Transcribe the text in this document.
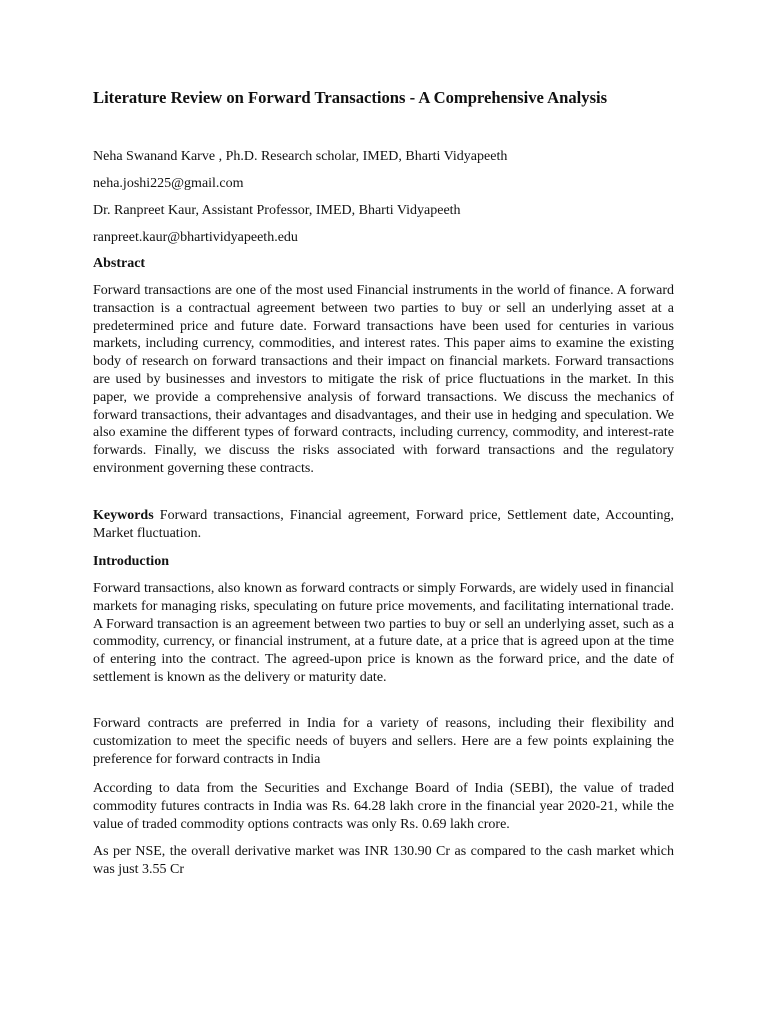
Literature Review on Forward Transactions - A Comprehensive Analysis

Neha Swanand Karve , Ph.D. Research scholar, IMED, Bharti Vidyapeeth

neha.joshi225@gmail.com

Dr. Ranpreet Kaur, Assistant Professor, IMED, Bharti Vidyapeeth

ranpreet.kaur@bhartividyapeeth.edu

Abstract

Forward transactions are one of the most used Financial instruments in the world of finance. A forward transaction is a contractual agreement between two parties to buy or sell an underlying asset at a predetermined price and future date. Forward transactions have been used for centuries in various markets, including currency, commodities, and interest rates. This paper aims to examine the existing body of research on forward transactions and their impact on financial markets. Forward transactions are used by businesses and investors to mitigate the risk of price fluctuations in the market. In this paper, we provide a comprehensive analysis of forward transactions. We discuss the mechanics of forward transactions, their advantages and disadvantages, and their use in hedging and speculation. We also examine the different types of forward contracts, including currency, commodity, and interest-rate forwards. Finally, we discuss the risks associated with forward transactions and the regulatory environment governing these contracts.

Keywords Forward transactions, Financial agreement, Forward price, Settlement date, Accounting, Market fluctuation.

Introduction

Forward transactions, also known as forward contracts or simply Forwards, are widely used in financial markets for managing risks, speculating on future price movements, and facilitating international trade. A Forward transaction is an agreement between two parties to buy or sell an underlying asset, such as a commodity, currency, or financial instrument, at a future date, at a price that is agreed upon at the time of entering into the contract. The agreed-upon price is known as the forward price, and the date of settlement is known as the delivery or maturity date.

Forward contracts are preferred in India for a variety of reasons, including their flexibility and customization to meet the specific needs of buyers and sellers. Here are a few points explaining the preference for forward contracts in India

According to data from the Securities and Exchange Board of India (SEBI), the value of traded commodity futures contracts in India was Rs. 64.28 lakh crore in the financial year 2020-21, while the value of traded commodity options contracts was only Rs. 0.69 lakh crore.

As per NSE, the overall derivative market was INR 130.90 Cr as compared to the cash market which was just 3.55 Cr
